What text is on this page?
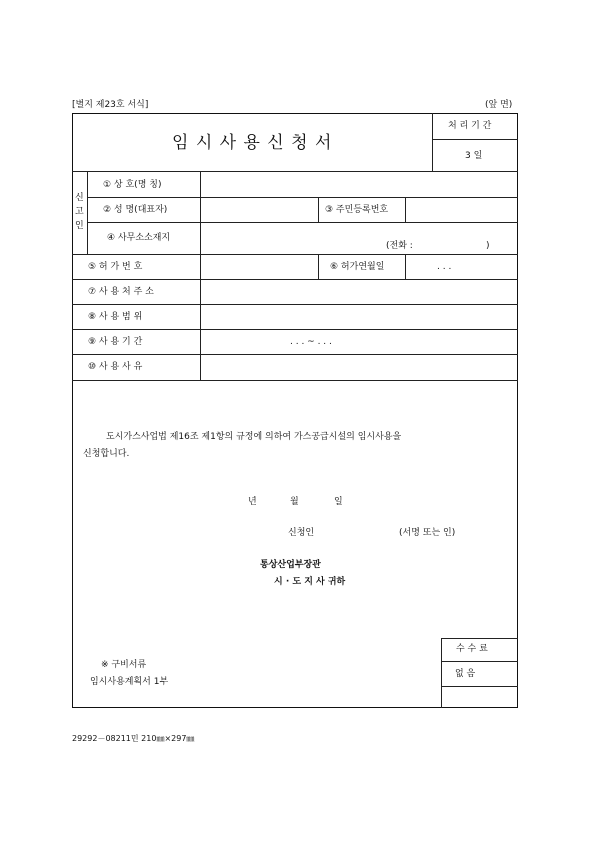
[별지 제23호 서식]	(앞 면)
임 시 사 용 신 청 서
처 리 기 간
3 일
신
고
인
① 상 호(명 칭)
② 성 명(대표자)	③ 주민등록번호
④ 사무소소재지
(전화 :	)
⑤ 허 가 번 호	⑥ 허가연월일	. . .
⑦ 사 용 처 주 소
⑧ 사 용 범 위
⑨ 사 용 기 간	. . . ~ . . .
⑩ 사 용 사 유
도시가스사업법 제16조 제1항의 규정에 의하여 가스공급시설의 임시사용을
신청합니다.
년	월	일
신청인	(서명 또는 인)
통상산업부장관
시 · 도 지 사 귀하
수 수 료
없 음
※ 구비서류
임시사용계획서 1부
29292－08211민 210㎜×297㎜
